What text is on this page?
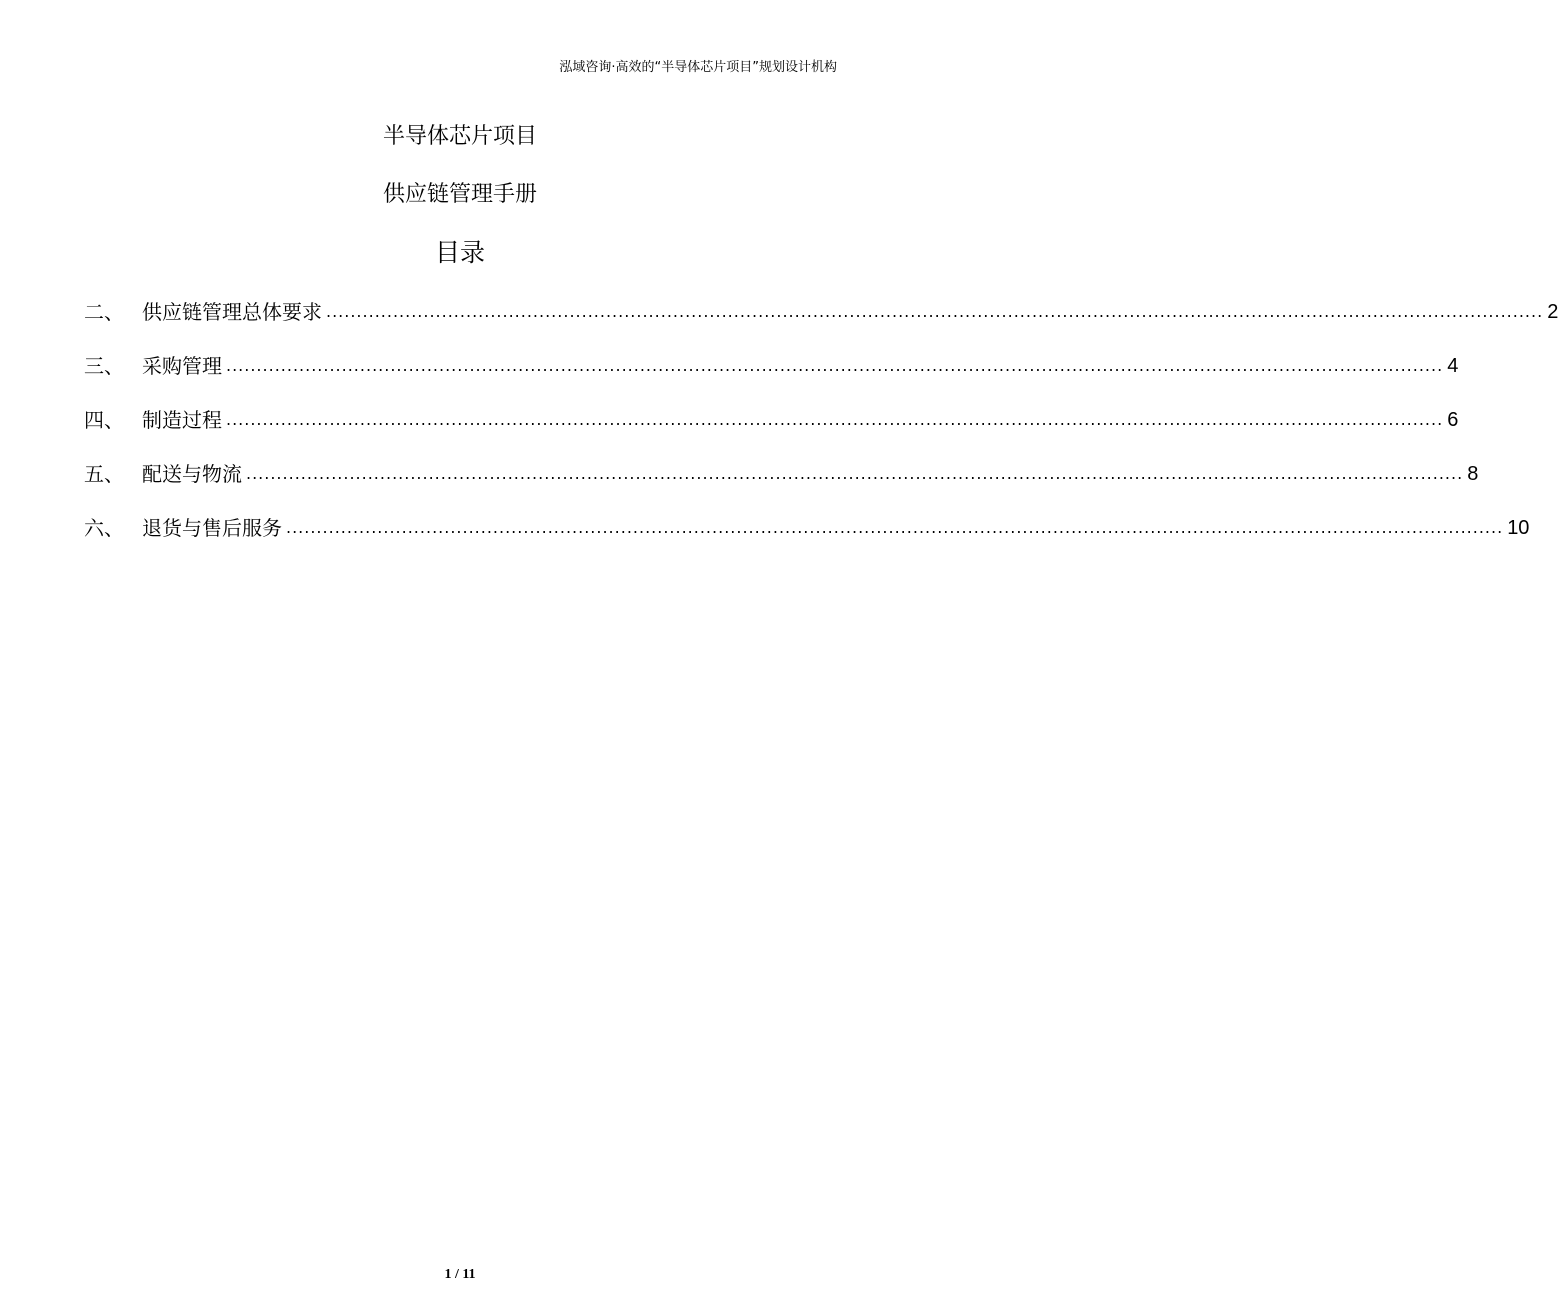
泓域咨询·高效的“半导体芯片项目”规划设计机构
半导体芯片项目
供应链管理手册
目录
二、 供应链管理总体要求 ........................................................................................................................................................................................................ 2
三、 采购管理 ........................................................................................................................................................................................................ 4
四、 制造过程 ........................................................................................................................................................................................................ 6
五、 配送与物流 ........................................................................................................................................................................................................ 8
六、 退货与售后服务 ........................................................................................................................................................................................................ 10
1 / 11
